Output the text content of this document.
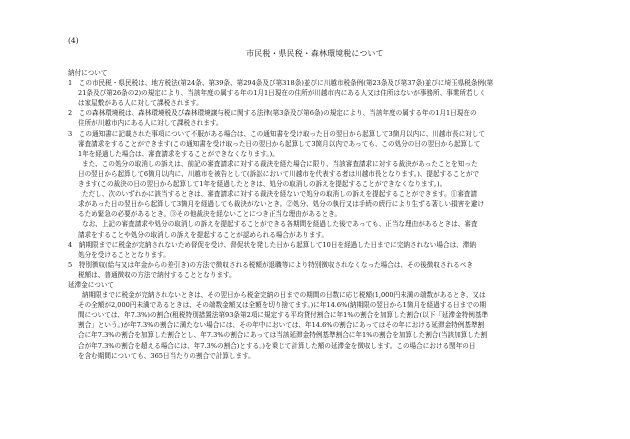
(4)
市民税・県民税・森林環境税について
納付について
1　この市民税・県民税は、地方税法(第24条、第39条、第294条及び第318条)並びに川越市税条例(第23条及び第37条)並びに埼玉県税条例(第
21条及び第26条の2)の規定により、当該年度の属する年の1月1日現在の住所が川越市内にある人又は住所はないが事務所、事業所若しく
は家屋敷がある人に対して課税されます。
2　この森林環境税は、森林環境税及び森林環境譲与税に関する法律(第3条及び第6条)の規定により、当該年度の属する年の1月1日現在の
住所が川越市内にある人に対して課税されます。
3　この通知書に記載された事項について不服がある場合は、この通知書を受け取った日の翌日から起算して3箇月以内に、川越市長に対して
審査請求をすることができます(この通知書を受け取った日の翌日から起算して3箇月以内であっても、この処分の日の翌日から起算して
1年を経過した場合は、審査請求をすることができなくなります。)。
また、この処分の取消しの訴えは、前記の審査請求に対する裁決を経た場合に限り、当該審査請求に対する裁決があったことを知った
日の翌日から起算して6箇月以内に、川越市を被告として(訴訟において川越市を代表する者は川越市長となります。)、提起することがで
きます(この裁決の日の翌日から起算して1年を経過したときは、処分の取消しの訴えを提起することができなくなります。)。
ただし、次のいずれかに該当するときは、審査請求に対する裁決を経ないで処分の取消しの訴えを提起することができます。①審査請
求があった日の翌日から起算して3箇月を経過しても裁決がないとき。②処分、処分の執行又は手続の続行により生ずる著しい損害を避け
るため緊急の必要があるとき。③その他裁決を経ないことにつき正当な理由があるとき。
なお、上記の審査請求や処分の取消しの訴えを提起することができる各期間を経過した後であっても、正当な理由があるときは、審査
請求をすることや処分の取消しの訴えを提起することが認められる場合があります。
4　納期限までに税金が完納されないため督促を受け、督促状を発した日から起算して10日を経過した日までに完納されない場合は、滞納
処分を受けることとなります。
5　特別徴収(給与又は年金からの差引き)の方法で徴収される税額が退職等により特別徴収されなくなった場合は、その後徴収されるべき
税額は、普通徴収の方法で納付することとなります。
延滞金について
納期限までに税金が完納されないときは、その翌日から税金完納の日までの期間の日数に応じ税額(1,000円未満の端数があるとき、又は
その全額が2,000円未満であるときは、その端数金額又は全額を切り捨てます。)に年14.6%(納期限の翌日から1箇月を経過する日までの期
間については、年7.3%)の割合(租税特別措置法第93条第2項に規定する平均貸付割合に年1%の割合を加算した割合(以下「延滞金特例基準
割合」という。)が年7.3%の割合に満たない場合には、その年中においては、年14.6%の割合にあってはその年における延滞金特例基準割
合に年7.3%の割合を加算した割合とし、年7.3%の割合にあっては当該延滞金特例基準割合に年1%の割合を加算した割合(当該加算した割
合が年7.3%の割合を超える場合には、年7.3%の割合)とする。)を乗じて計算した額の延滞金を徴収します。この場合における閏年の日
を含む期間についても、365日当たりの割合で計算します。
